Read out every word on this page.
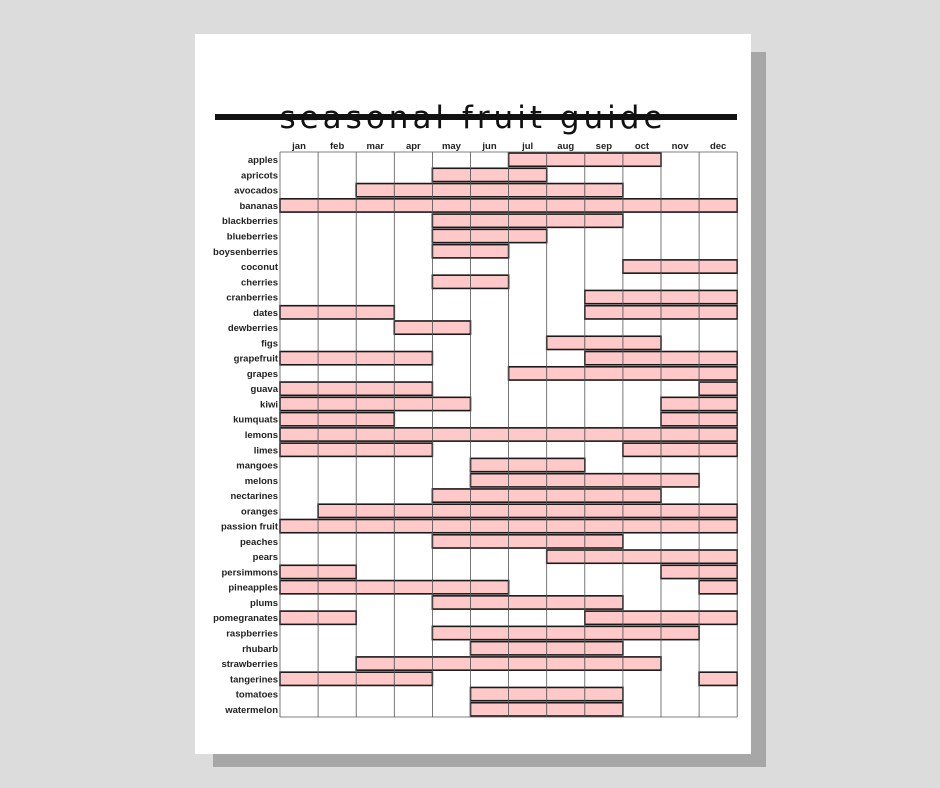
jan	feb mar apr may jun	jul	aug sep oct nov dec
apples
apricots
avocados
bananas
blackberries
blueberries
boysenberries
coconut
cherries
cranberries
dates
dewberries
figs
grapefruit
grapes
guava
kiwi
kumquats
lemons
limes
mangoes
melons
nectarines
oranges
passion fruit
peaches
pears
persimmons
pineapples
plums
pomegranates
raspberries
rhubarb
strawberries
tangerines
tomatoes
watermelon
